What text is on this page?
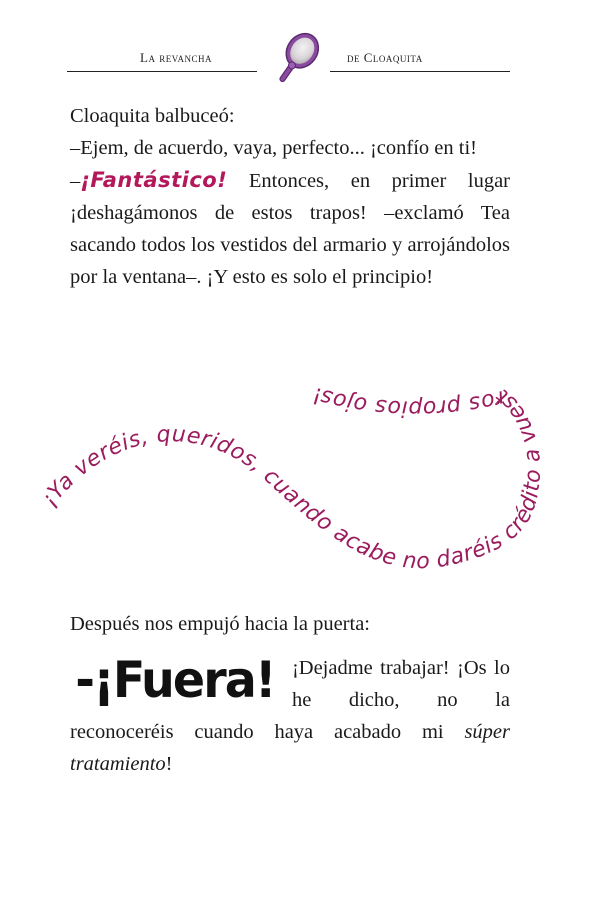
La revancha	de Cloaquita

Cloaquita balbuceó:

–Ejem, de acuerdo, vaya, perfecto... ¡confío en ti!

–¡Fantástico! Entonces, en primer lugar ¡deshagámonos de estos trapos! –exclamó Tea sacando todos los vestidos del armario y arrojándolos por la ventana–. ¡Y esto es solo el principio!

¡Ya veréis, queridos, cuando acabe no daréis crédito a vuestros propios ojos!

Después nos empujó hacia la puerta:

-¡Fuera! ¡Dejadme trabajar! ¡Os lo he dicho, no la reconoceréis cuando haya acabado mi súper tratamiento!
